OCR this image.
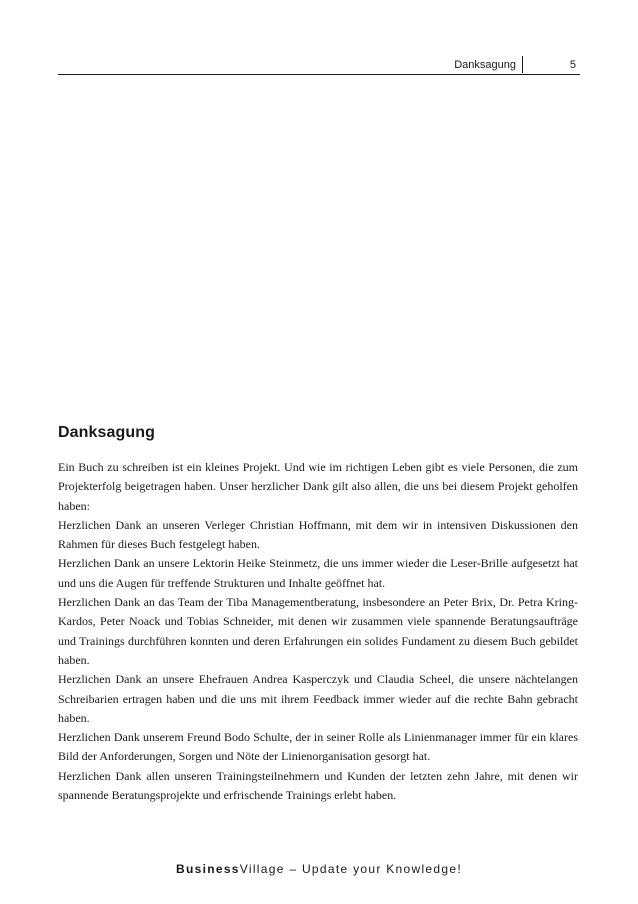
Danksagung	5
Danksagung

Ein Buch zu schreiben ist ein kleines Projekt. Und wie im richtigen Leben gibt es viele Personen, die zum Projekterfolg beigetragen haben. Unser herzlicher Dank gilt also allen, die uns bei diesem Projekt geholfen haben:

Herzlichen Dank an unseren Verleger Christian Hoffmann, mit dem wir in intensiven Diskussionen den Rahmen für dieses Buch festgelegt haben.

Herzlichen Dank an unsere Lektorin Heike Steinmetz, die uns immer wieder die Leser-Brille aufgesetzt hat und uns die Augen für treffende Strukturen und Inhalte geöffnet hat.

Herzlichen Dank an das Team der Tiba Managementberatung, insbesondere an Peter Brix, Dr. Petra Kring-Kardos, Peter Noack und Tobias Schneider, mit denen wir zusammen viele spannende Beratungsaufträge und Trainings durchführen konnten und deren Erfahrungen ein solides Fundament zu diesem Buch gebildet haben.

Herzlichen Dank an unsere Ehefrauen Andrea Kasperczyk und Claudia Scheel, die unsere nächtelangen Schreibarien ertragen haben und die uns mit ihrem Feedback immer wieder auf die rechte Bahn gebracht haben.

Herzlichen Dank unserem Freund Bodo Schulte, der in seiner Rolle als Linienmanager immer für ein klares Bild der Anforderungen, Sorgen und Nöte der Linienorganisation gesorgt hat.

Herzlichen Dank allen unseren Trainingsteilnehmern und Kunden der letzten zehn Jahre, mit denen wir spannende Beratungsprojekte und erfrischende Trainings erlebt haben.

BusinessVillage – Update your Knowledge!
